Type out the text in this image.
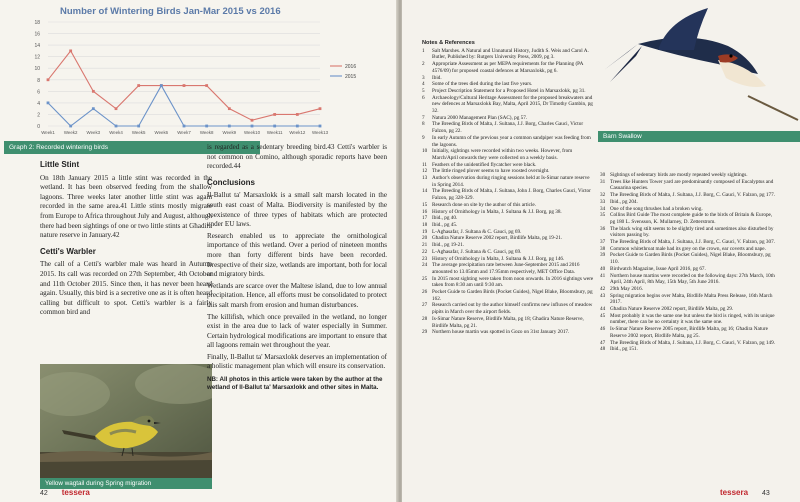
Number of Wintering Birds Jan-Mar 2015 vs 2016
0
2
4
6
8
10
12
14
16
18
Week1 Week2 Week3 Week4 Week5 Week6 Week7 Week8 Week9 Week10 Week11 Week12 Week13
2016
2015
Graph 2: Recorded wintering birds
Little Stint

On 18th January 2015 a little stint was recorded in the wetland. It has been observed feeding from the shallow lagoons. Three weeks later another little stint was again recorded in the same area.41 Little stints mostly migrate from Europe to Africa throughout July and August, although there had been sightings of one or two little stints at Għadira nature reserve in January.42

Cetti's Warbler

The call of a Cetti's warbler male was heard in Autumn 2015. Its call was recorded on 27th September, 4th October and 11th October 2015. Since then, it has never been heard again. Usually, this bird is a secretive one as it is often heard calling but difficult to spot. Cetti's warbler is a fairly common bird and

Yellow wagtail during Spring migration

is regarded as a sedentary breeding bird.43 Cetti's warbler is not common on Comino, although sporadic reports have been recorded.44

Conclusions

Il-Ballut ta' Marsaxlokk is a small salt marsh located in the south east coast of Malta. Biodiversity is manifested by the coexistence of three types of habitats which are protected under EU laws.

Research enabled us to appreciate the ornithological importance of this wetland. Over a period of nineteen months more than forty different birds have been recorded. Irrespective of their size, wetlands are important, both for local and migratory birds.

Wetlands are scarce over the Maltese island, due to low annual precipitation. Hence, all efforts must be consolidated to protect this salt marsh from erosion and human disturbances.

The killifish, which once prevailed in the wetland, no longer exist in the area due to lack of water especially in Summer. Certain hydrological modifications are important to ensure that all lagoons remain wet throughout the year.

Finally, Il-Ballut ta' Marsaxlokk deserves an implementation of a holistic management plan which will ensure its conservation.

NB: All photos in this article were taken by the author at the wetland of Il-Ballut ta' Marsaxlokk and other sites in Malta.

42 tessera
Notes & References
1	Salt Marshes. A Natural and Unnatural History, Judith S. Weis and Carol A. Butler, Published by: Rutgers University Press, 2009, pg 3.
2	Appropriate Assessment as per MEPA requirements for the Planning (PA 4576/09) for proposed coastal defences at Marsaxlokk, pg 6.
3	Ibid.
4	Some of the trees died during the last five years.
5	Project Description Statement for a Proposed Hotel in Marsaxlokk, pg 31.
6	Archaeology/Cultural Heritage Assessment for the proposed breakwaters and new defences at Marsaxlokk Bay, Malta, April 2015, Dr Timothy Gambin, pg 32.
7	Natura 2000 Management Plan (SAC), pg 57.
8	The Breeding Birds of Malta, J. Sultana, J.J. Borg, Charles Gauci, Victor Falzon, pg 22.
9	In early Autumn of the previous year a common sandpiper was feeding from the lagoons.
10 Initially, sightings were recorded within two weeks. However, from March/April onwards they were collected on a weekly basis.
11 Feathers of the unidentified flycatcher were black.
12 The little ringed plover seems to have roosted overnight.
13 Author's observation during ringing sessions held at Is-Simar nature reserve in Spring 2014.
14 The Breeding Birds of Malta, J. Sultana, John J. Borg, Charles Gauci, Victor Falzon, pg 328-329.
15 Research done on site by the author of this article.
16 History of Ornithology in Malta, J. Sultana & J.J. Borg, pg 38.
17 Ibid., pg 40.
18 Ibid., pg 45.
19 L-Agħasafar, J. Sultana & C. Gauci, pg 69.
20 Għadira Nature Reserve 2002 report, Birdlife Malta, pg 19-21.
21 Ibid., pg 19-21.
22 L-Agħasafar, J. Sultana & C. Gauci, pg 69.
23 History of Ornithology in Malta, J. Sultana & J.J. Borg, pg 146.
24 The average precipitation rate between June-September 2015 and 2016 amounted to 13.05mm and 17.95mm respectively, MET Office Data.
25 In 2015 most sighting were taken from noon onwards. In 2016 sightings were taken from 8:30 am until 9:30 am.
26 Pocket Guide to Garden Birds (Pocket Guides), Nigel Blake, Bloomsbury, pg 162.
27 Research carried out by the author himself confirms new influxes of meadow pipits in March over the airport fields.
28 Is-Simar Nature Reserve, Birdlife Malta, pg 18; Għadira Nature Reserve, Birdlife Malta, pg 21.
29 Northern house martin was spotted in Gozo on 31st January 2017.
Barn Swallow
30 Sightings of sedentary birds are mostly repeated weekly sightings.
31 Trees like Hunters Tower yard are predominantly composed of Eucalyptus and Casuarina species.
32 The Breeding Birds of Malta, J. Sultana, J.J. Borg, C. Gauci, V. Falzon, pg 177.
33 Ibid., pg 204.
34 One of the song thrushes had a broken wing.
35 Collins Bird Guide The most complete guide to the birds of Britain & Europe, pg 180 L. Svensson, K. Mullarney, D. Zetterstrom.
36 The black wing stilt seems to be slightly tired and sometimes also disturbed by visitors passing by.
37 The Breeding Birds of Malta, J. Sultana, J.J. Borg, C. Gauci, V. Falzon, pg 307.
38 Common whitethroat male had its grey on the crown, ear coverts and nape.
39 Pocket Guide to Garden Birds (Pocket Guides), Nigel Blake, Bloomsbury, pg 110.
40 Birdwatch Magazine, Issue April 2016, pg 67.
41 Northern house martins were recorded on the following days: 27th March, 10th April, 24th April, 8th May, 15th May, 5th June 2016.
42 29th May 2016.
43 Spring migration begins over Malta, Birdlife Malta Press Release, 16th March 2017.
44 Għadira Nature Reserve 2002 report, Birdlife Malta, pg 29.
45 Most probably it was the same one but unless the bird is ringed, with its unique number, there can be no certainty it was the same one.
46 Is-Simar Nature Reserve 2005 report, Birdlife Malta, pg 16; Għadira Nature Reserve 2002 report, Birdlife Malta, pg 25.
47 The Breeding Birds of Malta, J. Sultana, J.J. Borg, C. Gauci, V. Falzon, pg 149.
48 Ibid., pg 151.
tessera 43
